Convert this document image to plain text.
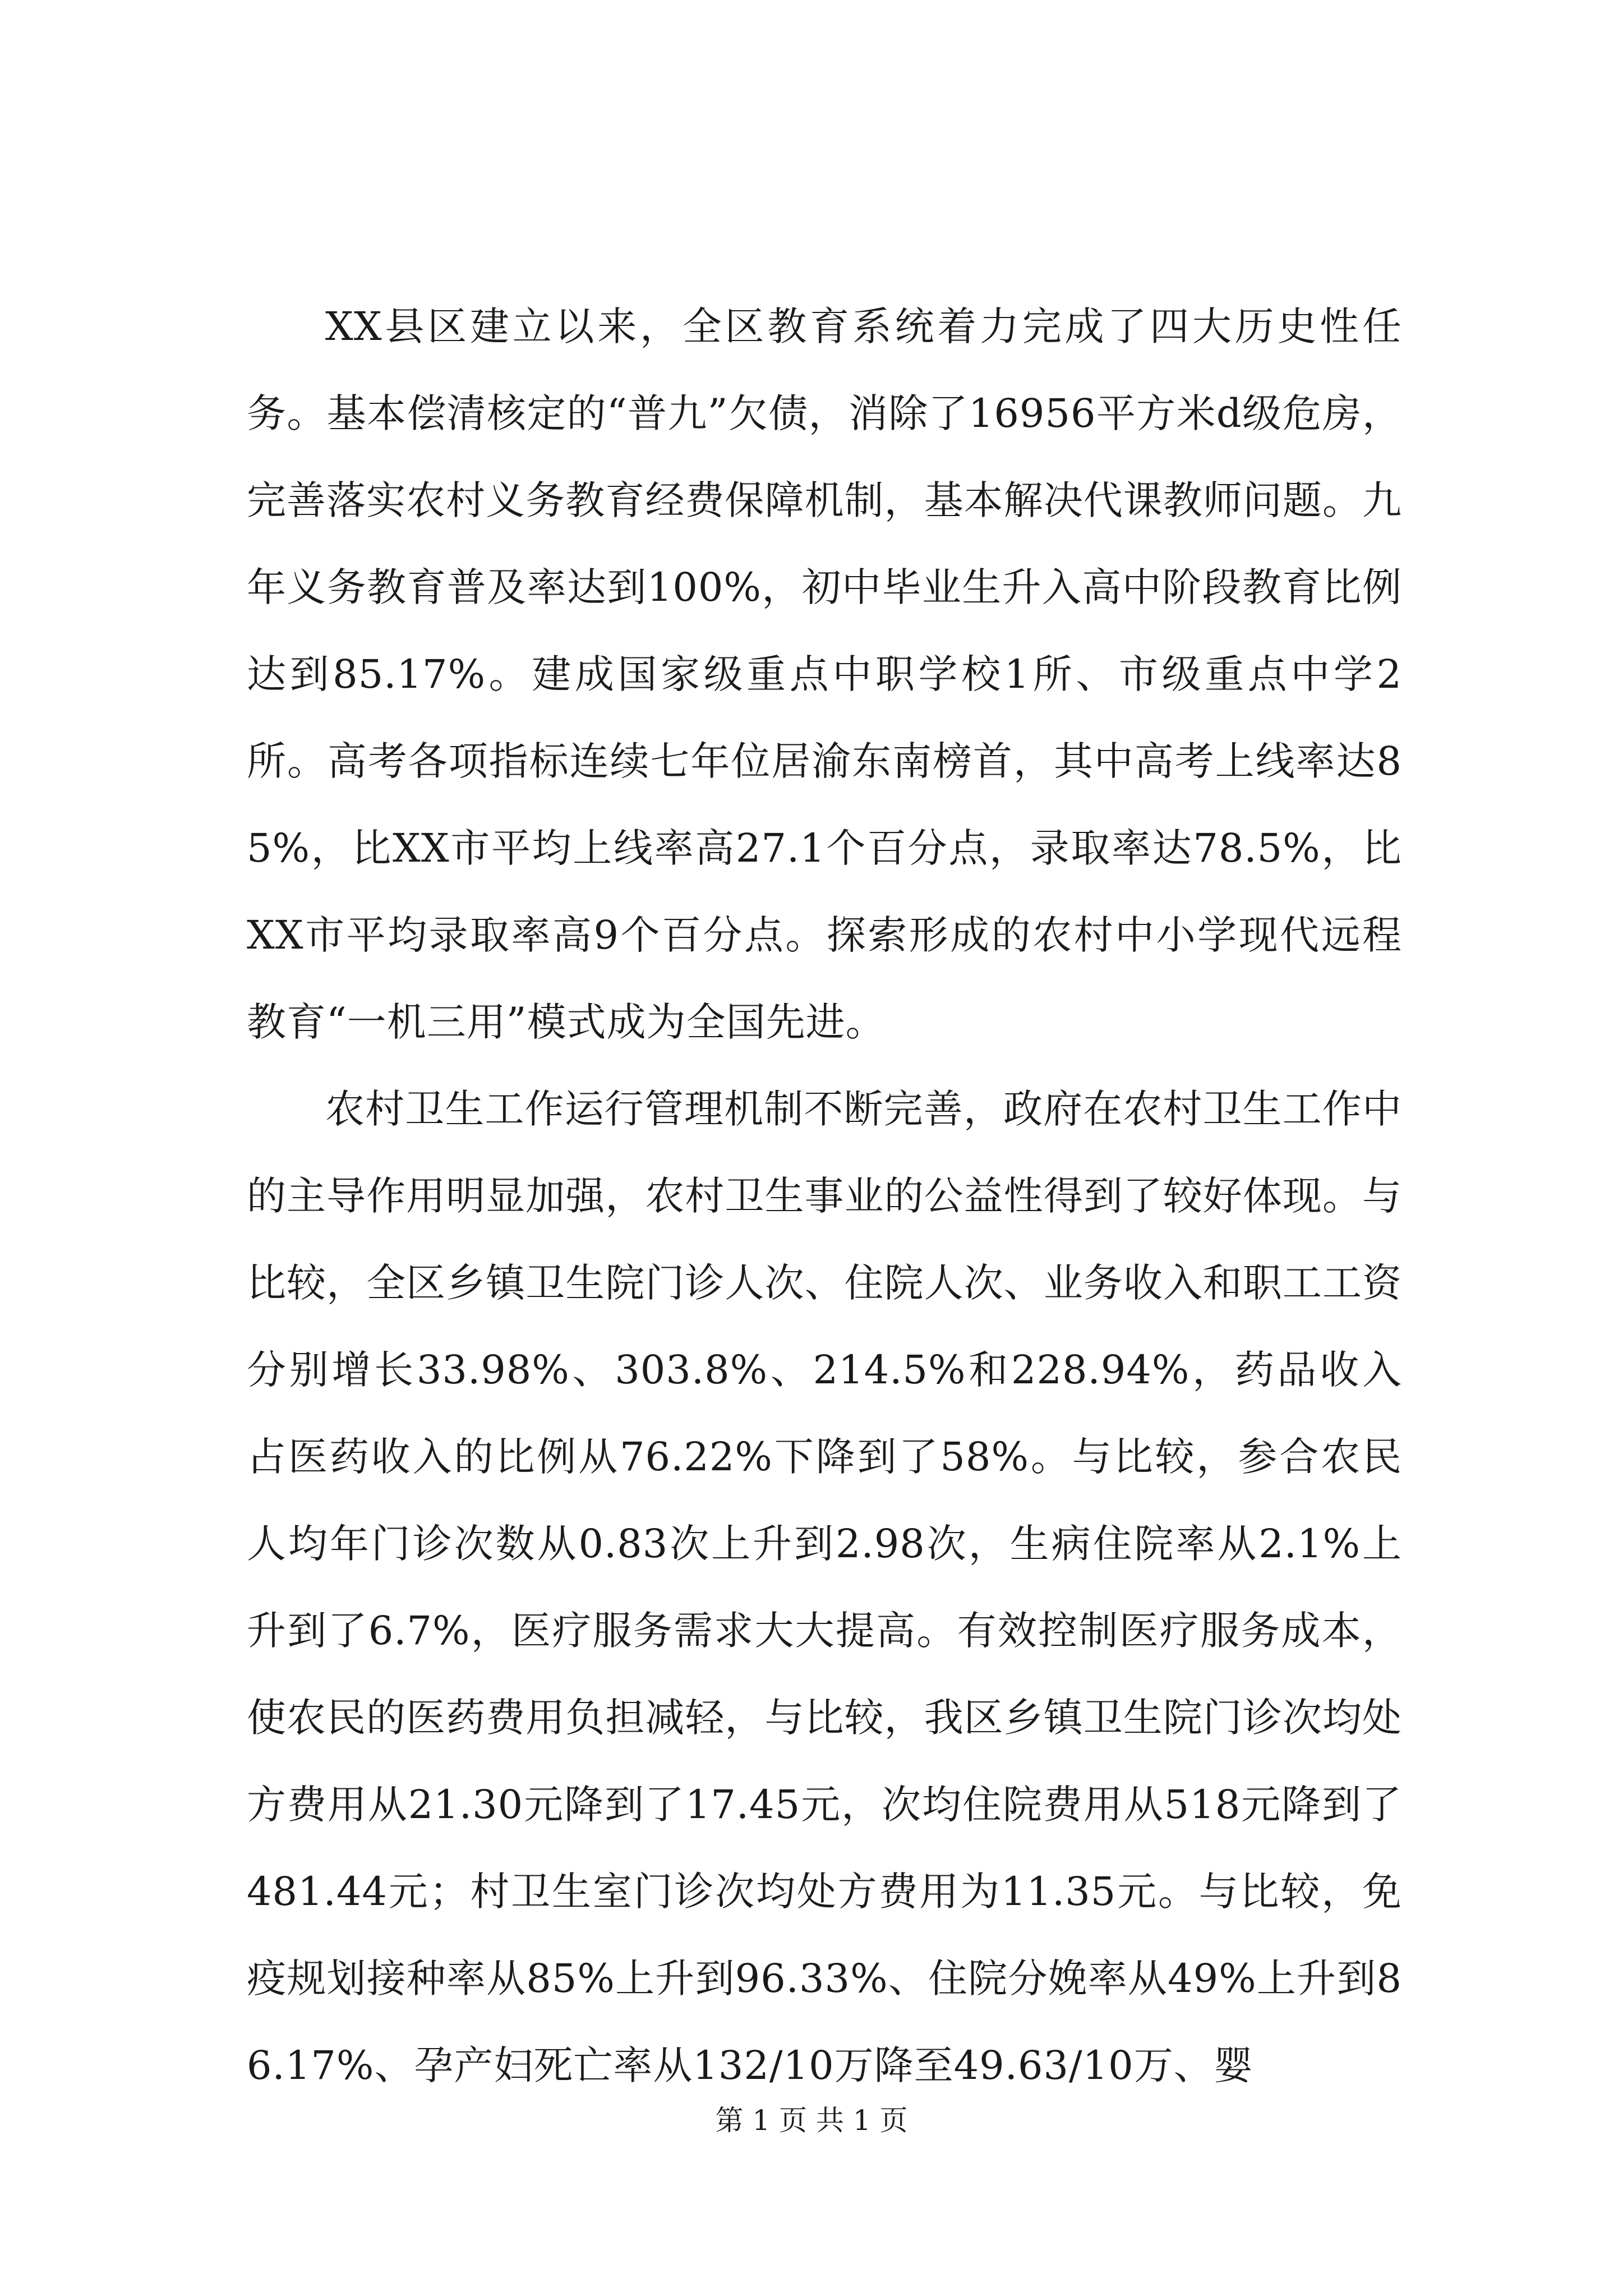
XX县区建立以来，全区教育系统着力完成了四大历史性任务。基本偿清核定的“普九”欠债，消除了16956平方米d级危房，完善落实农村义务教育经费保障机制，基本解决代课教师问题。九年义务教育普及率达到100%，初中毕业生升入高中阶段教育比例达到85.17%。建成国家级重点中职学校1所、市级重点中学2所。高考各项指标连续七年位居渝东南榜首，其中高考上线率达85%，比XX市平均上线率高27.1个百分点，录取率达78.5%，比XX市平均录取率高9个百分点。探索形成的农村中小学现代远程教育“一机三用”模式成为全国先进。

农村卫生工作运行管理机制不断完善，政府在农村卫生工作中的主导作用明显加强，农村卫生事业的公益性得到了较好体现。与比较，全区乡镇卫生院门诊人次、住院人次、业务收入和职工工资分别增长33.98%、303.8%、214.5%和228.94%，药品收入占医药收入的比例从76.22%下降到了58%。与比较，参合农民人均年门诊次数从0.83次上升到2.98次，生病住院率从2.1%上升到了6.7%，医疗服务需求大大提高。有效控制医疗服务成本，使农民的医药费用负担减轻，与比较，我区乡镇卫生院门诊次均处方费用从21.30元降到了17.45元，次均住院费用从518元降到了481.44元；村卫生室门诊次均处方费用为11.35元。与比较，免疫规划接种率从85%上升到96.33%、住院分娩率从49%上升到86.17%、孕产妇死亡率从132/10万降至49.63/10万、婴

第 1 页 共 1 页
